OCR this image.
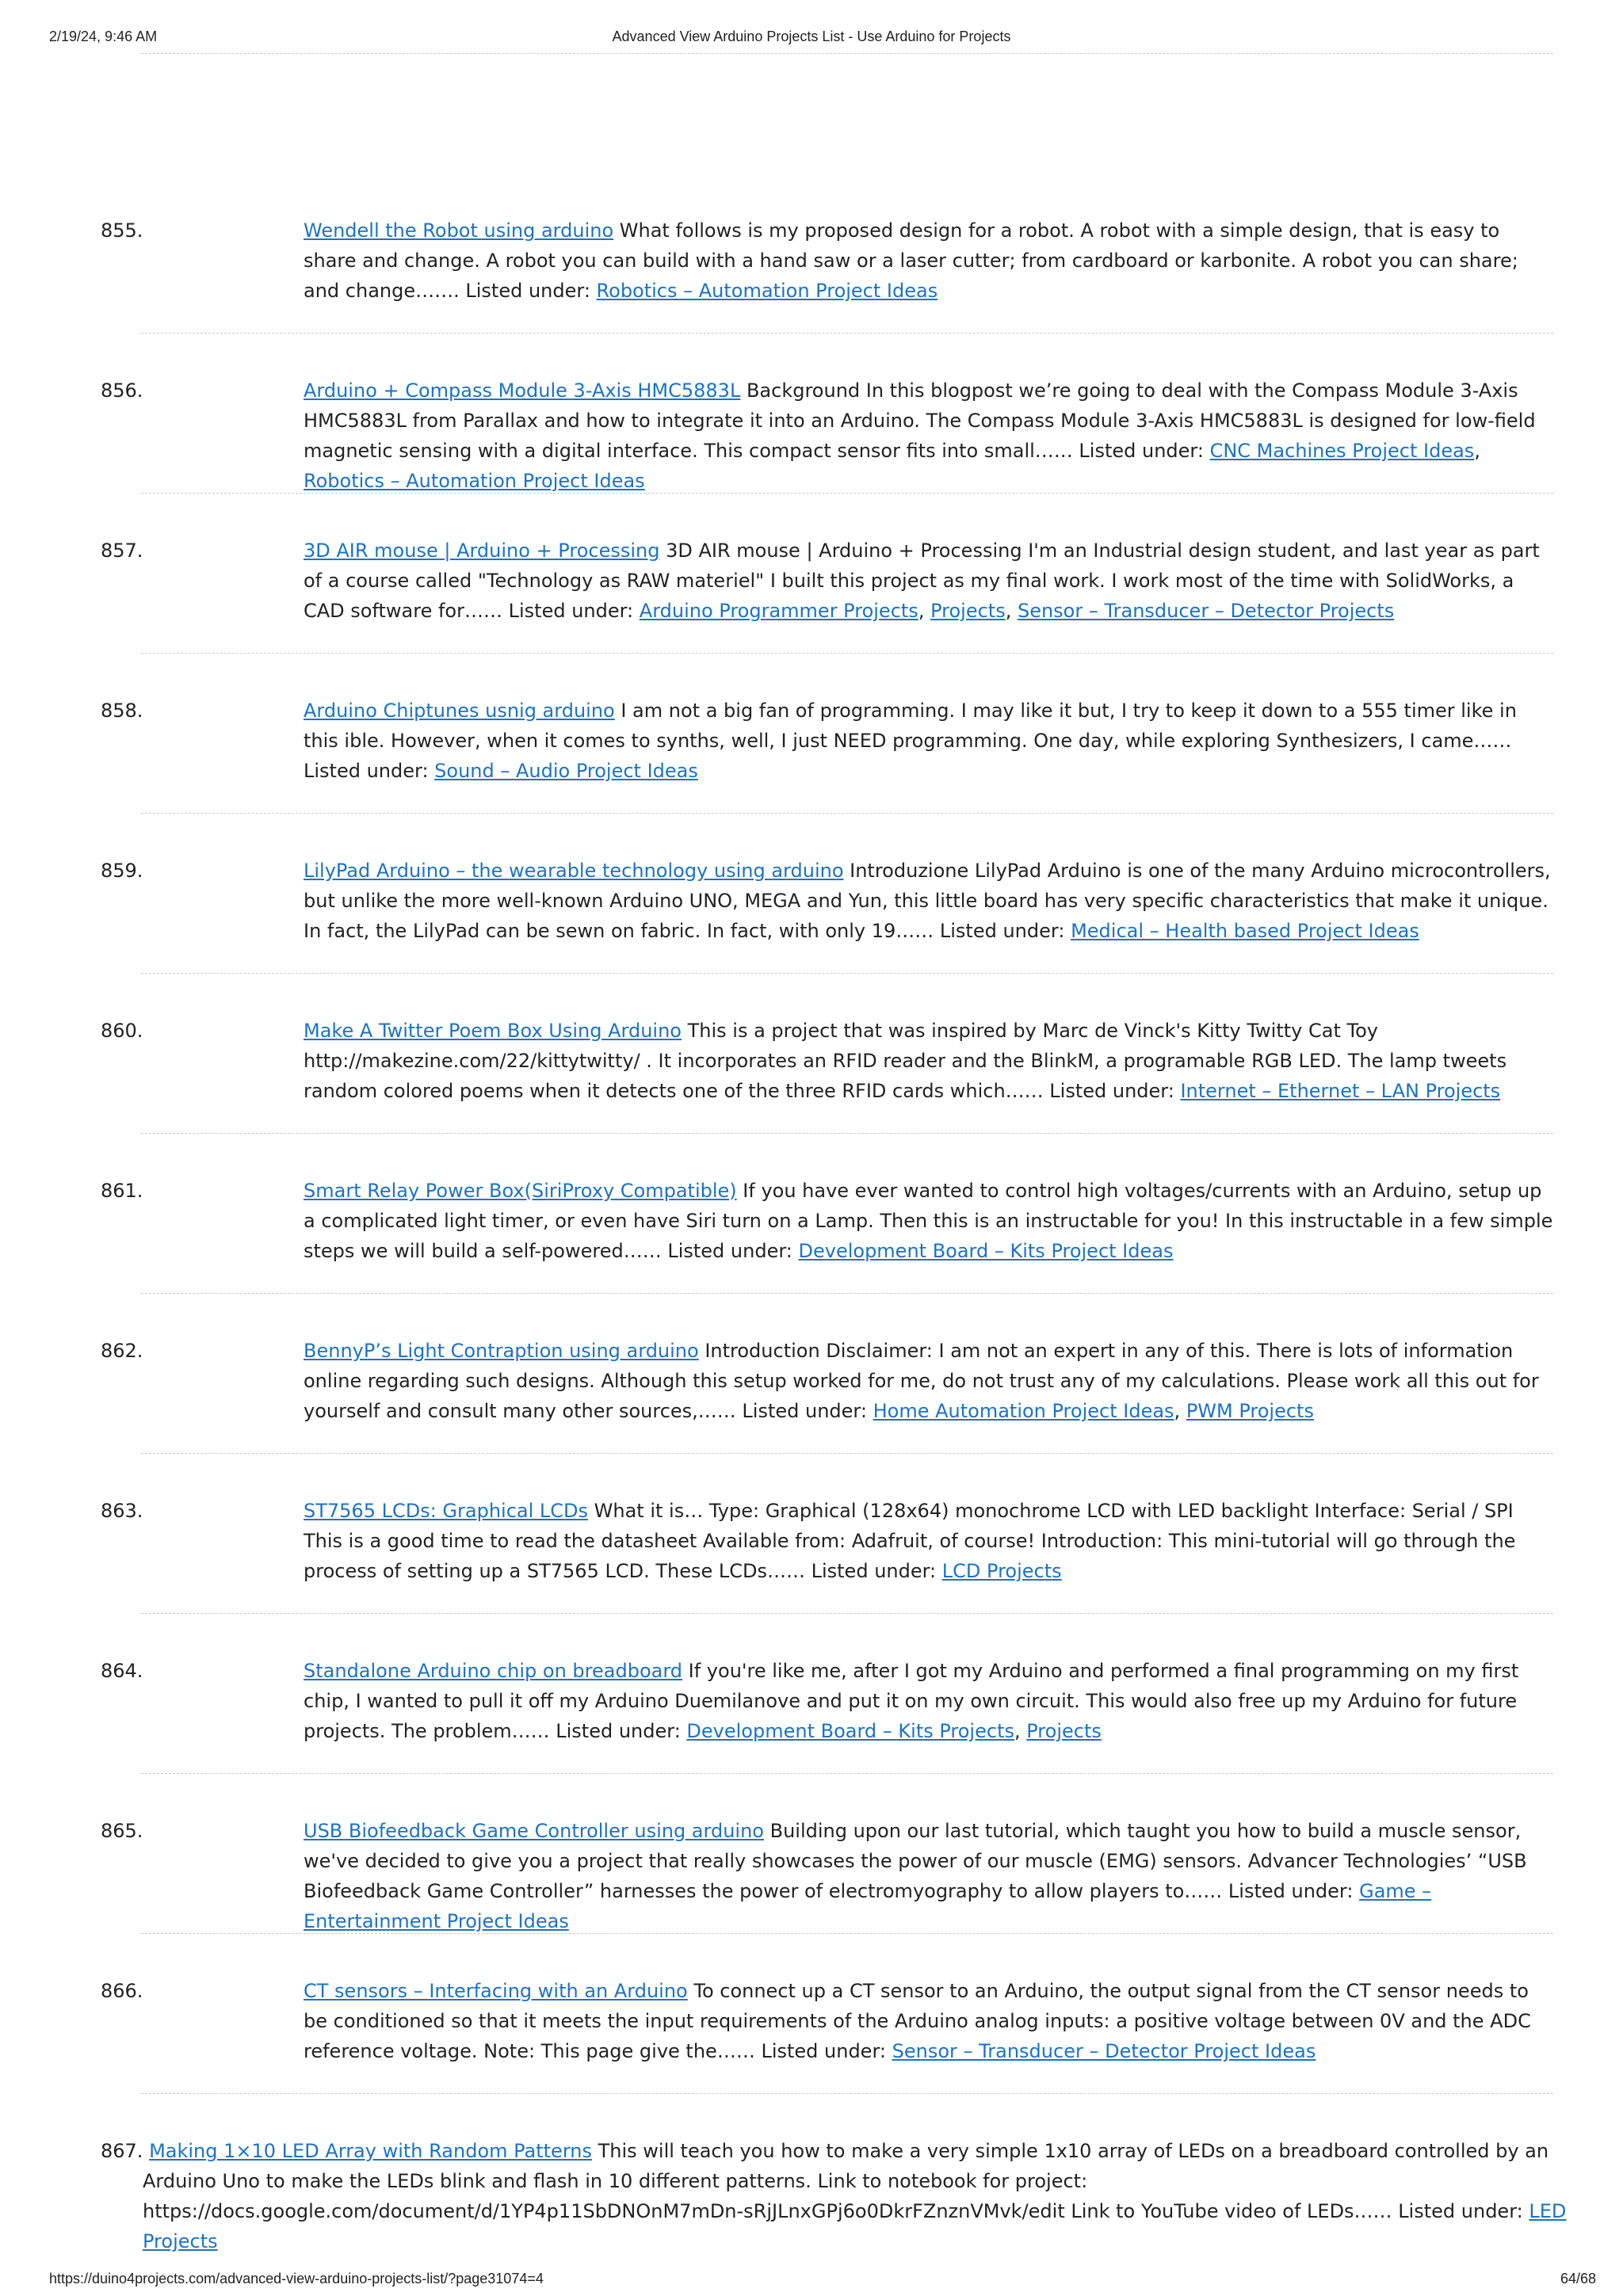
2/19/24, 9:46 AM	Advanced View Arduino Projects List - Use Arduino for Projects
855.	Wendell the Robot using arduino What follows is my proposed design for a robot. A robot with a simple design, that is easy to share and change. A robot you can build with a hand saw or a laser cutter; from cardboard or karbonite. A robot you can share; and change……. Listed under: Robotics – Automation Project Ideas

856.	Arduino + Compass Module 3-Axis HMC5883L Background In this blogpost we’re going to deal with the Compass Module 3-Axis HMC5883L from Parallax and how to integrate it into an Arduino. The Compass Module 3-Axis HMC5883L is designed for low-field magnetic sensing with a digital interface. This compact sensor fits into small…… Listed under: CNC Machines Project Ideas, Robotics – Automation Project Ideas

857.	3D AIR mouse | Arduino + Processing 3D AIR mouse | Arduino + Processing I'm an Industrial design student, and last year as part of a course called "Technology as RAW materiel" I built this project as my final work. I work most of the time with SolidWorks, a CAD software for…… Listed under: Arduino Programmer Projects, Projects, Sensor – Transducer – Detector Projects

858.	Arduino Chiptunes usnig arduino I am not a big fan of programming. I may like it but, I try to keep it down to a 555 timer like in this ible. However, when it comes to synths, well, I just NEED programming. One day, while exploring Synthesizers, I came…… Listed under: Sound – Audio Project Ideas

859.	LilyPad Arduino – the wearable technology using arduino Introduzione LilyPad Arduino is one of the many Arduino microcontrollers, but unlike the more well-known Arduino UNO, MEGA and Yun, this little board has very specific characteristics that make it unique. In fact, the LilyPad can be sewn on fabric. In fact, with only 19…… Listed under: Medical – Health based Project Ideas

860.	Make A Twitter Poem Box Using Arduino This is a project that was inspired by Marc de Vinck's Kitty Twitty Cat Toy http://makezine.com/22/kittytwitty/ . It incorporates an RFID reader and the BlinkM, a programable RGB LED. The lamp tweets random colored poems when it detects one of the three RFID cards which…… Listed under: Internet – Ethernet – LAN Projects

861.	Smart Relay Power Box(SiriProxy Compatible) If you have ever wanted to control high voltages/currents with an Arduino, setup up a complicated light timer, or even have Siri turn on a Lamp. Then this is an instructable for you! In this instructable in a few simple steps we will build a self-powered…… Listed under: Development Board – Kits Project Ideas

862.	BennyP’s Light Contraption using arduino Introduction Disclaimer: I am not an expert in any of this. There is lots of information online regarding such designs. Although this setup worked for me, do not trust any of my calculations. Please work all this out for yourself and consult many other sources,…… Listed under: Home Automation Project Ideas, PWM Projects

863.	ST7565 LCDs: Graphical LCDs What it is… Type: Graphical (128x64) monochrome LCD with LED backlight Interface: Serial / SPI This is a good time to read the datasheet Available from: Adafruit, of course! Introduction: This mini-tutorial will go through the process of setting up a ST7565 LCD. These LCDs…… Listed under: LCD Projects

864.	Standalone Arduino chip on breadboard If you're like me, after I got my Arduino and performed a final programming on my first chip, I wanted to pull it off my Arduino Duemilanove and put it on my own circuit. This would also free up my Arduino for future projects. The problem…… Listed under: Development Board – Kits Projects, Projects

865.	USB Biofeedback Game Controller using arduino Building upon our last tutorial, which taught you how to build a muscle sensor, we've decided to give you a project that really showcases the power of our muscle (EMG) sensors. Advancer Technologies’ “USB Biofeedback Game Controller” harnesses the power of electromyography to allow players to…… Listed under: Game – Entertainment Project Ideas

866.	CT sensors – Interfacing with an Arduino To connect up a CT sensor to an Arduino, the output signal from the CT sensor needs to be conditioned so that it meets the input requirements of the Arduino analog inputs: a positive voltage between 0V and the ADC reference voltage. Note: This page give the…… Listed under: Sensor – Transducer – Detector Project Ideas

867. Making 1×10 LED Array with Random Patterns This will teach you how to make a very simple 1x10 array of LEDs on a breadboard controlled by an Arduino Uno to make the LEDs blink and flash in 10 different patterns. Link to notebook for project: https://docs.google.com/document/d/1YP4p11SbDNOnM7mDn-sRjJLnxGPj6o0DkrFZnznVMvk/edit Link to YouTube video of LEDs…… Listed under: LED Projects

https://duino4projects.com/advanced-view-arduino-projects-list/?page31074=4	64/68
